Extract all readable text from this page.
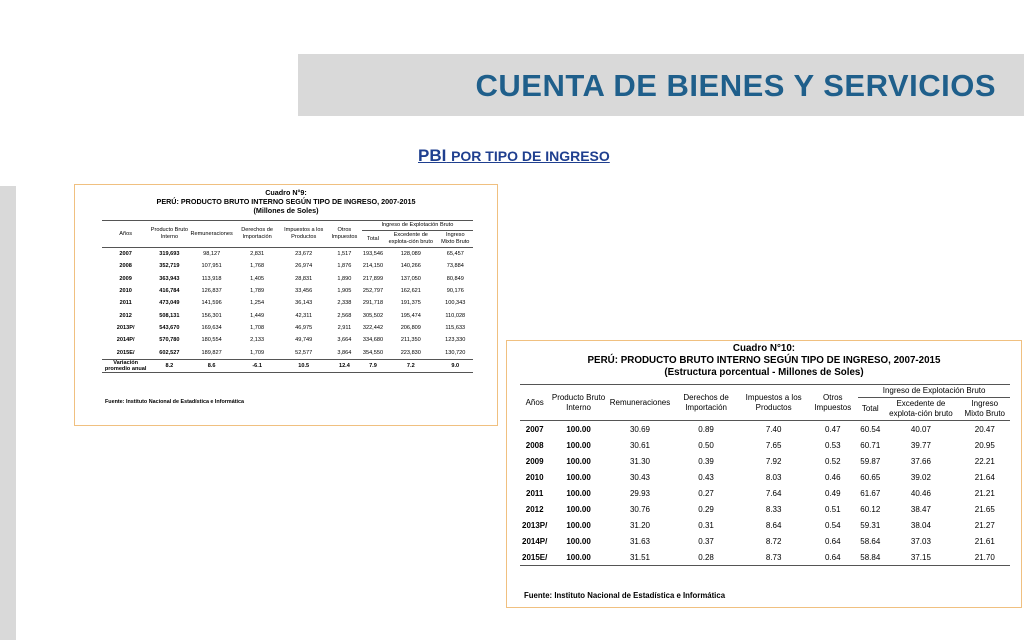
CUENTA DE BIENES Y SERVICIOS
PBI POR TIPO DE INGRESO
Cuadro N°9:
PERÚ: PRODUCTO BRUTO INTERNO SEGÚN TIPO DE INGRESO, 2007-2015
(Millones de Soles)
Años	Producto Bruto Interno	Remuneraciones	Derechos de Importación	Impuestos a los Productos	Otros Impuestos	Ingreso de Explotación Bruto		
						Total	Excedente de explota-ción bruto	Ingreso Mixto Bruto
2007	319,693	98,127	2,831	23,672	1,517	193,546	128,089	65,457
2008	352,719	107,951	1,768	26,974	1,876	214,150	140,266	73,884
2009	363,943	113,918	1,405	28,831	1,890	217,899	137,050	80,849
2010	416,784	126,837	1,789	33,456	1,905	252,797	162,621	90,176
2011	473,049	141,596	1,254	36,143	2,338	291,718	191,375	100,343
2012	508,131	156,301	1,449	42,311	2,568	305,502	195,474	110,028
2013P/	543,670	169,634	1,708	46,975	2,911	322,442	206,809	115,633
2014P/	570,780	180,554	2,133	49,749	3,664	334,680	211,350	123,330
2015E/	602,527	189,827	1,709	52,577	3,864	354,550	223,830	130,720
Variación promedio anual	8.2	8.6	-6.1	10.5	12.4	7.9	7.2	9.0
Fuente: Instituto Nacional de Estadística e Informática
Cuadro N°10:
PERÚ: PRODUCTO BRUTO INTERNO SEGÚN TIPO DE INGRESO, 2007-2015
(Estructura porcentual - Millones de Soles)
Años	Producto Bruto Interno	Remuneraciones	Derechos de Importación	Impuestos a los Productos	Otros Impuestos	Ingreso de Explotación Bruto		
						Total	Excedente de explota-ción bruto	Ingreso Mixto Bruto
2007	100.00	30.69	0.89	7.40	0.47	60.54	40.07	20.47
2008	100.00	30.61	0.50	7.65	0.53	60.71	39.77	20.95
2009	100.00	31.30	0.39	7.92	0.52	59.87	37.66	22.21
2010	100.00	30.43	0.43	8.03	0.46	60.65	39.02	21.64
2011	100.00	29.93	0.27	7.64	0.49	61.67	40.46	21.21
2012	100.00	30.76	0.29	8.33	0.51	60.12	38.47	21.65
2013P/	100.00	31.20	0.31	8.64	0.54	59.31	38.04	21.27
2014P/	100.00	31.63	0.37	8.72	0.64	58.64	37.03	21.61
2015E/	100.00	31.51	0.28	8.73	0.64	58.84	37.15	21.70
Fuente: Instituto Nacional de Estadística e Informática
